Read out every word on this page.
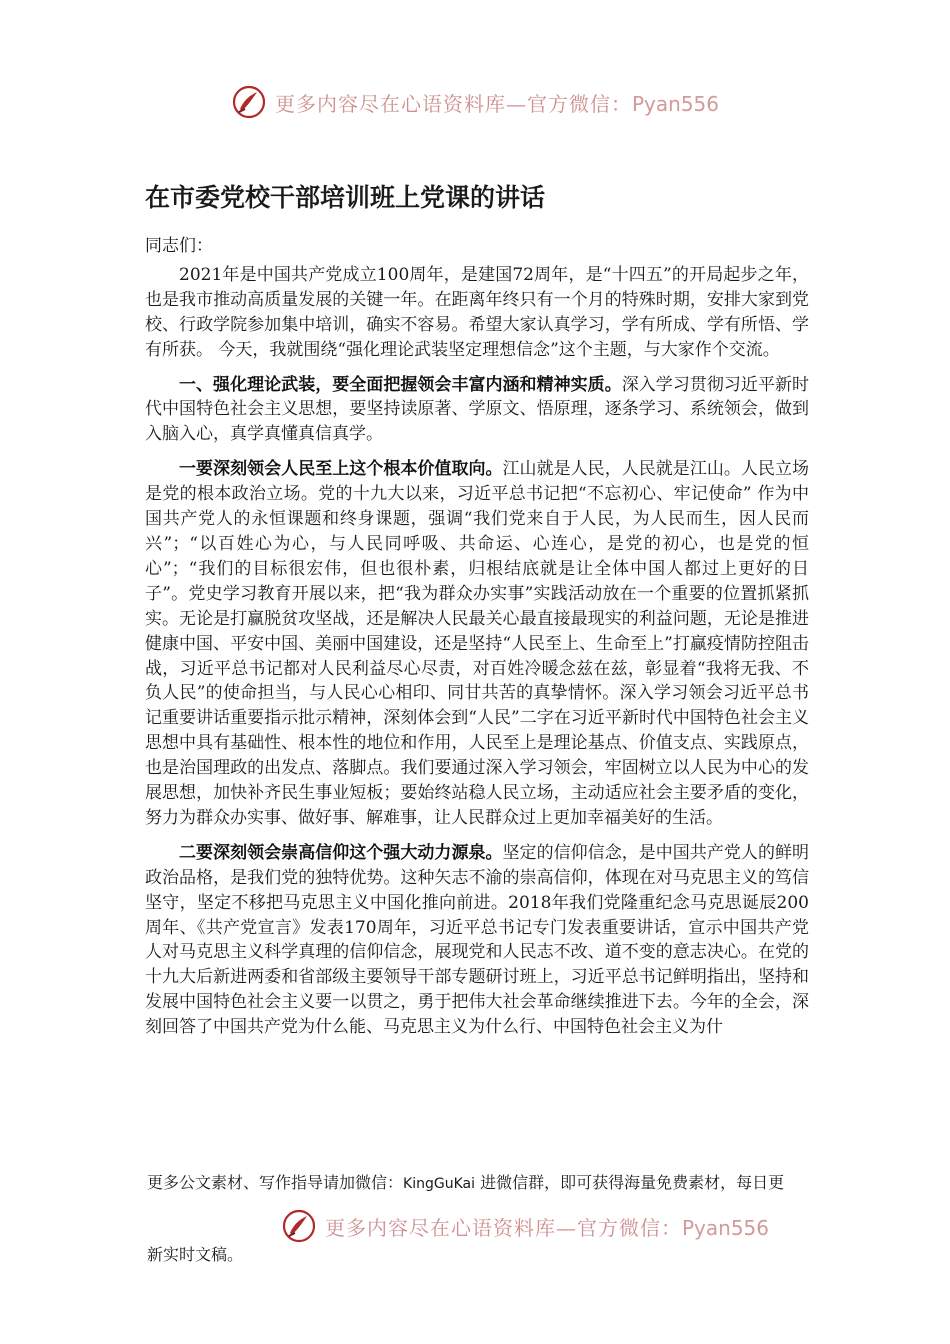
更多内容尽在心语资料库—官方微信：Pyan556
在市委党校干部培训班上党课的讲话

同志们：

2021年是中国共产党成立100周年，是建国72周年，是“十四五”的开局起步之年，也是我市推动高质量发展的关键一年。在距离年终只有一个月的特殊时期，安排大家到党校、行政学院参加集中培训，确实不容易。希望大家认真学习，学有所成、学有所悟、学有所获。 今天，我就围绕“强化理论武装坚定理想信念”这个主题，与大家作个交流。

一、强化理论武装，要全面把握领会丰富内涵和精神实质。深入学习贯彻习近平新时代中国特色社会主义思想，要坚持读原著、学原文、悟原理，逐条学习、系统领会，做到入脑入心，真学真懂真信真学。

一要深刻领会人民至上这个根本价值取向。江山就是人民，人民就是江山。人民立场是党的根本政治立场。党的十九大以来，习近平总书记把“不忘初心、牢记使命” 作为中国共产党人的永恒课题和终身课题，强调“我们党来自于人民，为人民而生，因人民而兴”；“以百姓心为心，与人民同呼吸、共命运、心连心，是党的初心，也是党的恒心”；“我们的目标很宏伟，但也很朴素，归根结底就是让全体中国人都过上更好的日子”。党史学习教育开展以来，把“我为群众办实事”实践活动放在一个重要的位置抓紧抓实。无论是打赢脱贫攻坚战，还是解决人民最关心最直接最现实的利益问题，无论是推进健康中国、平安中国、美丽中国建设，还是坚持“人民至上、生命至上”打赢疫情防控阻击战，习近平总书记都对人民利益尽心尽责，对百姓冷暖念兹在兹，彰显着“我将无我、不负人民”的使命担当，与人民心心相印、同甘共苦的真挚情怀。深入学习领会习近平总书记重要讲话重要指示批示精神，深刻体会到“人民”二字在习近平新时代中国特色社会主义思想中具有基础性、根本性的地位和作用，人民至上是理论基点、价值支点、实践原点，也是治国理政的出发点、落脚点。我们要通过深入学习领会，牢固树立以人民为中心的发展思想，加快补齐民生事业短板；要始终站稳人民立场，主动适应社会主要矛盾的变化，努力为群众办实事、做好事、解难事，让人民群众过上更加幸福美好的生活。

二要深刻领会崇高信仰这个强大动力源泉。坚定的信仰信念，是中国共产党人的鲜明政治品格，是我们党的独特优势。这种矢志不渝的崇高信仰，体现在对马克思主义的笃信坚守，坚定不移把马克思主义中国化推向前进。2018年我们党隆重纪念马克思诞辰200周年、《共产党宣言》发表170周年，习近平总书记专门发表重要讲话，宣示中国共产党人对马克思主义科学真理的信仰信念，展现党和人民志不改、道不变的意志决心。在党的十九大后新进两委和省部级主要领导干部专题研讨班上，习近平总书记鲜明指出，坚持和发展中国特色社会主义要一以贯之，勇于把伟大社会革命继续推进下去。今年的全会，深刻回答了中国共产党为什么能、马克思主义为什么行、中国特色社会主义为什

更多公文素材、写作指导请加微信：KingGuKai 进微信群，即可获得海量免费素材，每日更
更多内容尽在心语资料库—官方微信：Pyan556
新实时文稿。
